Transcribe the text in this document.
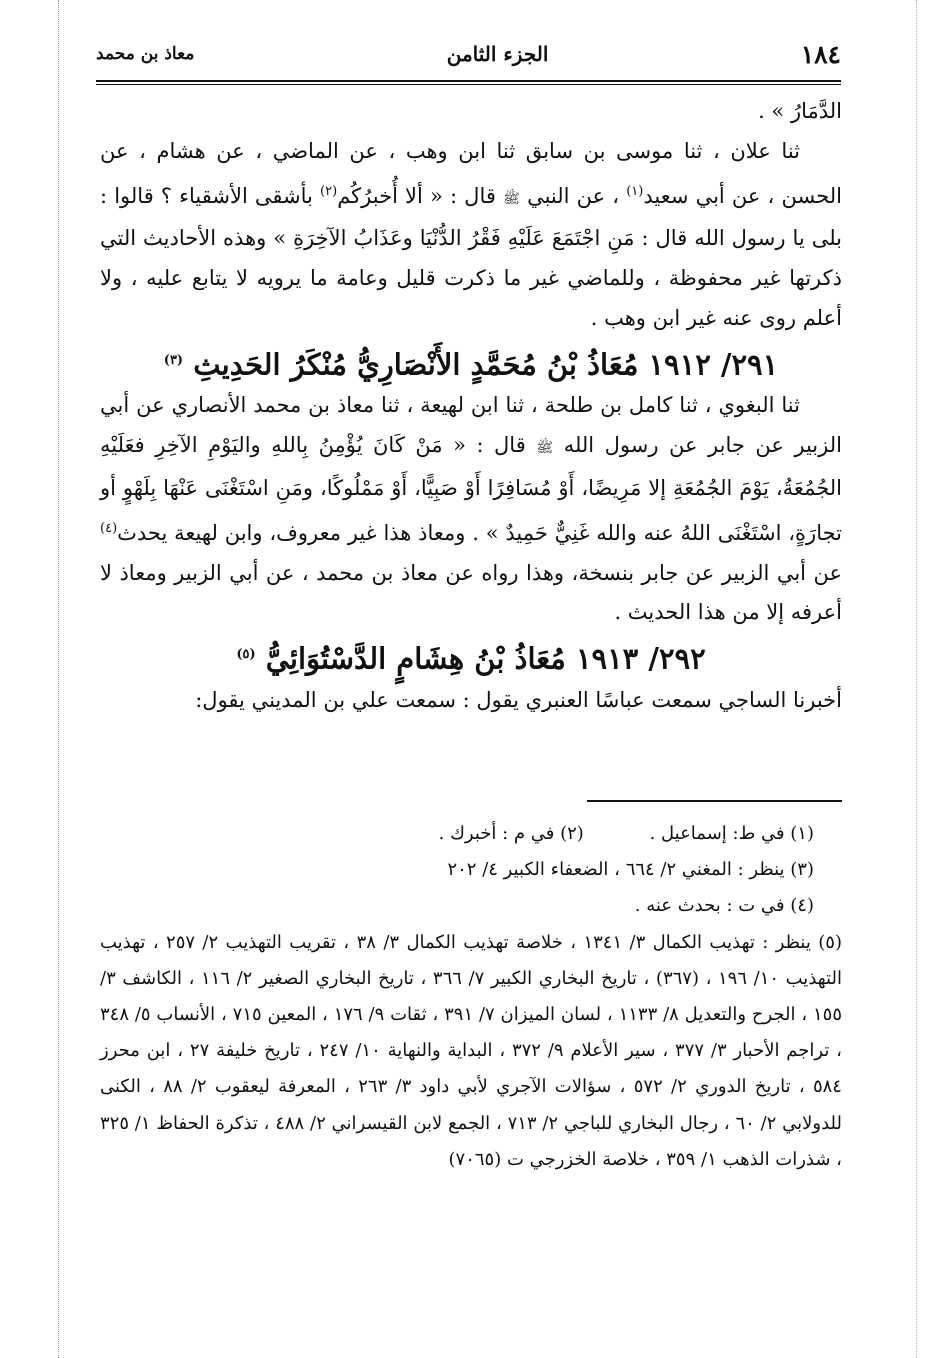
١٨٤
الجزء الثامن
معاذ بن محمد

الدَّمَارُ » .

ثنا علان ، ثنا موسى بن سابق ثنا ابن وهب ، عن الماضي ، عن هشام ، عن الحسن ، عن أبي سعيد$^{(١)}$ ، عن النبي ﷺ قال : « ألا أُخبرُكُم$^{(٢)}$ بأشقى الأشقياء ؟ قالوا : بلى يا رسول الله قال : مَنِ اجْتَمَعَ عَلَيْهِ فَقْرُ الدُّنْيَا وعَذَابُ الآخِرَةِ » وهذه الأحاديث التي ذكرتها غير محفوظة ، وللماضي غير ما ذكرت قليل وعامة ما يرويه لا يتابع عليه ، ولا أعلم روى عنه غير ابن وهب .

٢٩١/ ١٩١٢ مُعَاذُ بْنُ مُحَمَّدٍ الأَنْصَارِيُّ مُنْكَرُ الحَدِيثِ $^{(٣)}$

ثنا البغوي ، ثنا كامل بن طلحة ، ثنا ابن لهيعة ، ثنا معاذ بن محمد الأنصاري عن أبي الزبير عن جابر عن رسول الله ﷺ قال : « مَنْ كَانَ يُؤْمِنُ بِاللهِ واليَوْمِ الآخِرِ فعَلَيْهِ الجُمُعَةُ، يَوْمَ الجُمُعَةِ إلا مَرِيضًا، أَوْ مُسَافِرًا أَوْ صَبِيًّا، أَوْ مَمْلُوكًا، ومَنِ اسْتَغْنَى عَنْهَا بِلَهْوٍ أو تجارَةٍ، اسْتَغْنَى اللهُ عنه والله غَنِيٌّ حَمِيدٌ » . ومعاذ هذا غير معروف، وابن لهيعة يحدث$^{(٤)}$ عن أبي الزبير عن جابر بنسخة، وهذا رواه عن معاذ بن محمد ، عن أبي الزبير ومعاذ لا أعرفه إلا من هذا الحديث .

٢٩٢/ ١٩١٣ مُعَاذُ بْنُ هِشَامٍ الدَّسْتُوَائِيُّ $^{(٥)}$

أخبرنا الساجي سمعت عباسًا العنبري يقول : سمعت علي بن المديني يقول:

(١) في ط: إسماعيل . (٢) في م : أخبرك .

(٣) ينظر : المغني ٢/ ٦٦٤ ، الضعفاء الكبير ٤/ ٢٠٢

(٤) في ت : بحدث عنه .

(٥) ينظر : تهذيب الكمال ٣/ ١٣٤١ ، خلاصة تهذيب الكمال ٣/ ٣٨ ، تقريب التهذيب ٢/ ٢٥٧ ، تهذيب التهذيب ١٠/ ١٩٦ ، (٣٦٧) ، تاريخ البخاري الكبير ٧/ ٣٦٦ ، تاريخ البخاري الصغير ٢/ ١١٦ ، الكاشف ٣/ ١٥٥ ، الجرح والتعديل ٨/ ١١٣٣ ، لسان الميزان ٧/ ٣٩١ ، ثقات ٩/ ١٧٦ ، المعين ٧١٥ ، الأنساب ٥/ ٣٤٨ ، تراجم الأحبار ٣/ ٣٧٧ ، سير الأعلام ٩/ ٣٧٢ ، البداية والنهاية ١٠/ ٢٤٧ ، تاريخ خليفة ٢٧ ، ابن محرز ٥٨٤ ، تاريخ الدوري ٢/ ٥٧٢ ، سؤالات الآجري لأبي داود ٣/ ٢٦٣ ، المعرفة ليعقوب ٢/ ٨٨ ، الكنى للدولابي ٢/ ٦٠ ، رجال البخاري للباجي ٢/ ٧١٣ ، الجمع لابن القيسراني ٢/ ٤٨٨ ، تذكرة الحفاظ ١/ ٣٢٥ ، شذرات الذهب ١/ ٣٥٩ ، خلاصة الخزرجي ت (٧٠٦٥)
